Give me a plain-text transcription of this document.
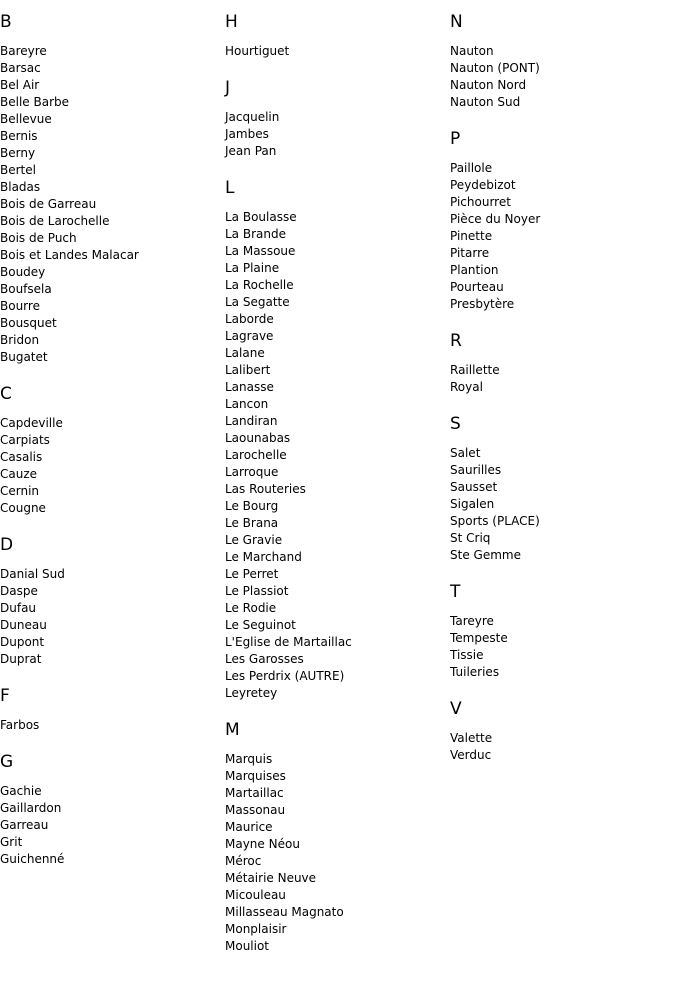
B
Bareyre
Barsac
Bel Air
Belle Barbe
Bellevue
Bernis
Berny
Bertel
Bladas
Bois de Garreau
Bois de Larochelle
Bois de Puch
Bois et Landes Malacar
Boudey
Boufsela
Bourre
Bousquet
Bridon
Bugatet
C
Capdeville
Carpiats
Casalis
Cauze
Cernin
Cougne
D
Danial Sud
Daspe
Dufau
Duneau
Dupont
Duprat
F
Farbos
G
Gachie
Gaillardon
Garreau
Grit
Guichenné
H
Hourtiguet
J
Jacquelin
Jambes
Jean Pan
L
La Boulasse
La Brande
La Massoue
La Plaine
La Rochelle
La Segatte
Laborde
Lagrave
Lalane
Lalibert
Lanasse
Lancon
Landiran
Laounabas
Larochelle
Larroque
Las Routeries
Le Bourg
Le Brana
Le Gravie
Le Marchand
Le Perret
Le Plassiot
Le Rodie
Le Seguinot
L'Eglise de Martaillac
Les Garosses
Les Perdrix (AUTRE)
Leyretey
M
Marquis
Marquises
Martaillac
Massonau
Maurice
Mayne Néou
Méroc
Métairie Neuve
Micouleau
Millasseau Magnato
Monplaisir
Mouliot
N
Nauton
Nauton (PONT)
Nauton Nord
Nauton Sud
P
Paillole
Peydebizot
Pichourret
Pièce du Noyer
Pinette
Pitarre
Plantion
Pourteau
Presbytère
R
Raillette
Royal
S
Salet
Saurilles
Sausset
Sigalen
Sports (PLACE)
St Criq
Ste Gemme
T
Tareyre
Tempeste
Tissie
Tuileries
V
Valette
Verduc
